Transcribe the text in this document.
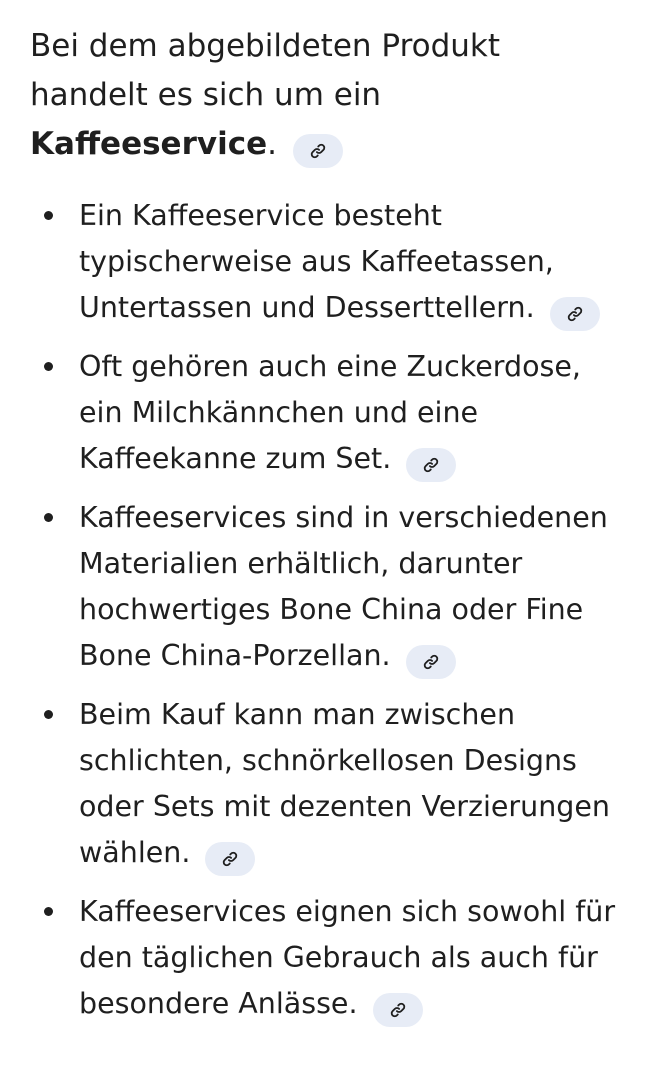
Bei dem abgebildeten Produkt handelt es sich um ein Kaffeeservice.

Ein Kaffeeservice besteht typischerweise aus Kaffeetassen, Untertassen und Desserttellern.
Oft gehören auch eine Zuckerdose, ein Milchkännchen und eine Kaffeekanne zum Set.
Kaffeeservices sind in verschiedenen Materialien erhältlich, darunter hochwertiges Bone China oder Fine Bone China-Porzellan.
Beim Kauf kann man zwischen schlichten, schnörkellosen Designs oder Sets mit dezenten Verzierungen wählen.
Kaffeeservices eignen sich sowohl für den täglichen Gebrauch als auch für besondere Anlässe.
